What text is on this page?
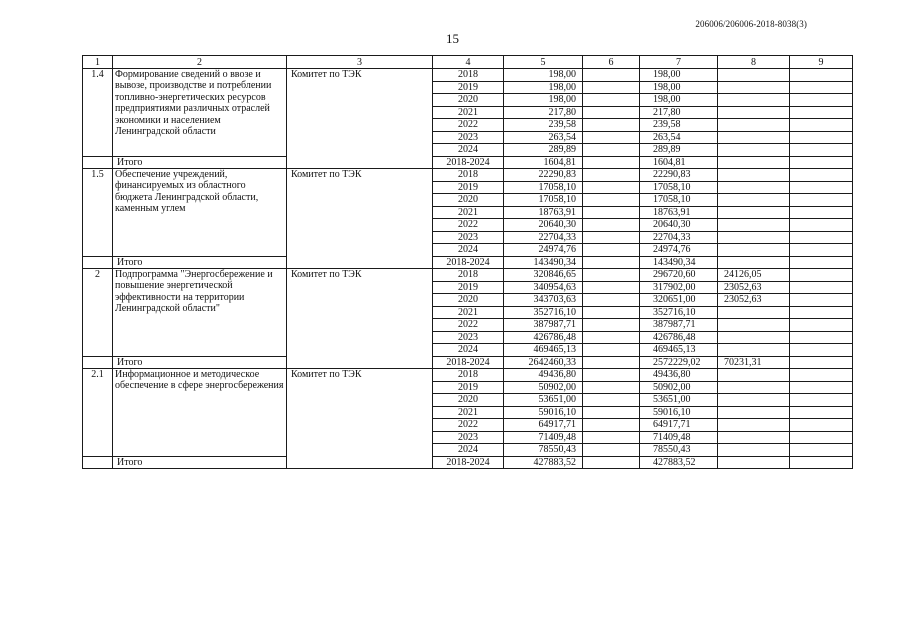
206006/206006-2018-8038(3)
15
1	2	3	4	5	6	7	8	9
1.4	Формирование сведений о ввозе и вывозе, производстве и потреблении топливно-энергетических ресурсов предприятиями различных отраслей экономики и населением Ленинградской области	Комитет по ТЭК	2018	198,00		198,00		
			2019	198,00		198,00		
			2020	198,00		198,00		
			2021	217,80		217,80		
			2022	239,58		239,58		
			2023	263,54		263,54		
			2024	289,89		289,89		
	Итого		2018-2024	1604,81		1604,81		
1.5	Обеспечение учреждений, финансируемых из областного бюджета Ленинградской области, каменным углем	Комитет по ТЭК	2018	22290,83		22290,83		
			2019	17058,10		17058,10		
			2020	17058,10		17058,10		
			2021	18763,91		18763,91		
			2022	20640,30		20640,30		
			2023	22704,33		22704,33		
			2024	24974,76		24974,76		
	Итого		2018-2024	143490,34		143490,34		
2	Подпрограмма "Энергосбережение и повышение энергетической эффективности на территории Ленинградской области"	Комитет по ТЭК	2018	320846,65		296720,60	24126,05	
			2019	340954,63		317902,00	23052,63	
			2020	343703,63		320651,00	23052,63	
			2021	352716,10		352716,10		
			2022	387987,71		387987,71		
			2023	426786,48		426786,48		
			2024	469465,13		469465,13		
	Итого		2018-2024	2642460,33		2572229,02	70231,31	
2.1	Информационное и методическое обеспечение в сфере энергосбережения	Комитет по ТЭК	2018	49436,80		49436,80		
			2019	50902,00		50902,00		
			2020	53651,00		53651,00		
			2021	59016,10		59016,10		
			2022	64917,71		64917,71		
			2023	71409,48		71409,48		
			2024	78550,43		78550,43		
	Итого		2018-2024	427883,52		427883,52		
